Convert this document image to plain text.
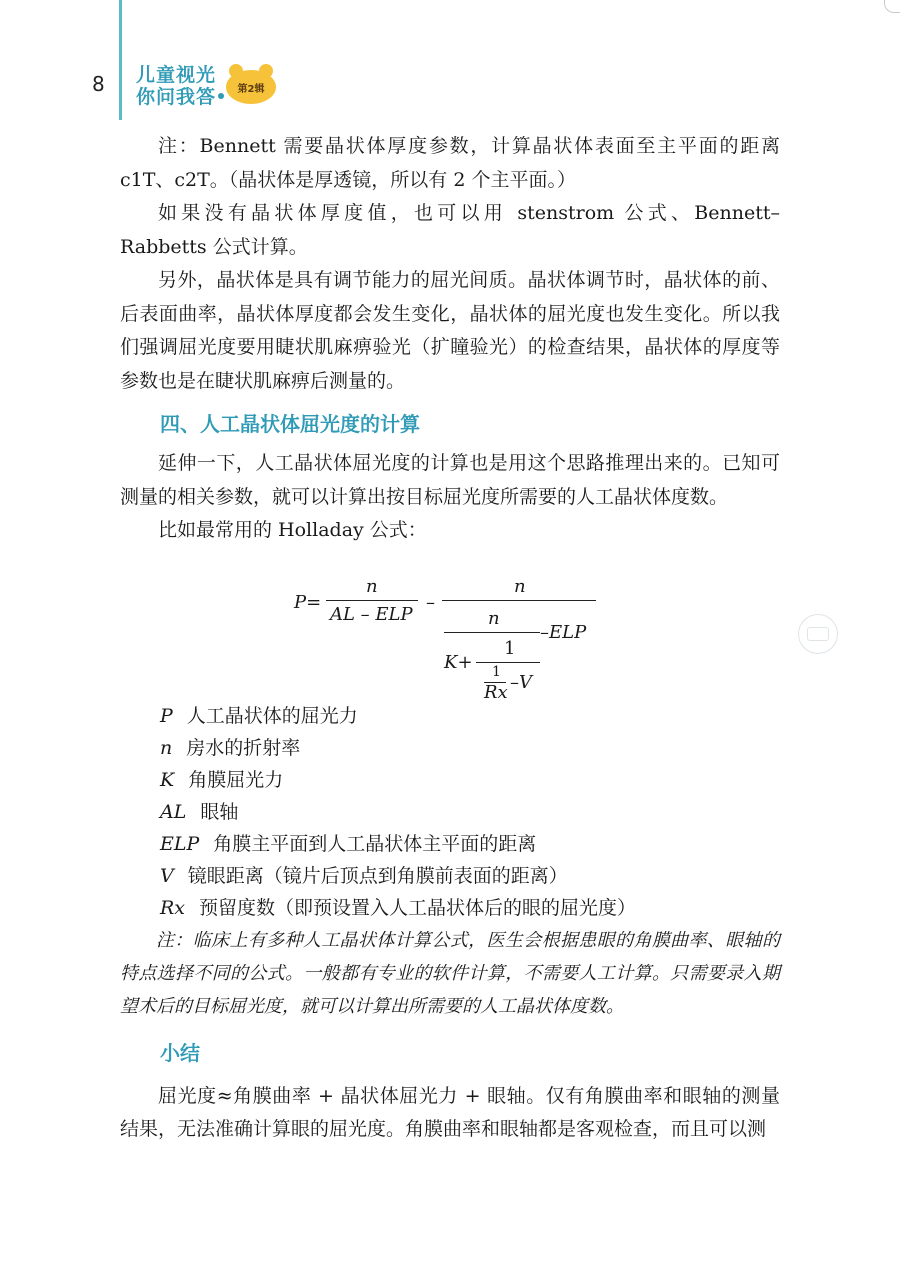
8 儿童视光
你问我答 第2辑

注：Bennett 需要晶状体厚度参数，计算晶状体表面至主平面的距离 c1T、c2T。（晶状体是厚透镜，所以有 2 个主平面。）

如果没有晶状体厚度值，也可以用 stenstrom 公式、Bennett–Rabbetts 公式计算。

另外，晶状体是具有调节能力的屈光间质。晶状体调节时，晶状体的前、后表面曲率，晶状体厚度都会发生变化，晶状体的屈光度也发生变化。所以我们强调屈光度要用睫状肌麻痹验光（扩瞳验光）的检查结果，晶状体的厚度等参数也是在睫状肌麻痹后测量的。

四、人工晶状体屈光度的计算

延伸一下，人工晶状体屈光度的计算也是用这个思路推理出来的。已知可测量的相关参数，就可以计算出按目标屈光度所需要的人工晶状体度数。

比如最常用的 Holladay 公式：

P=
n
AL – ELP
–
n
n
–ELP
K+
1
1
Rx –V
P 人工晶状体的屈光力
n 房水的折射率
K 角膜屈光力
AL 眼轴
ELP 角膜主平面到人工晶状体主平面的距离
V 镜眼距离（镜片后顶点到角膜前表面的距离）
Rx 预留度数（即预设置入人工晶状体后的眼的屈光度）

注：临床上有多种人工晶状体计算公式，医生会根据患眼的角膜曲率、眼轴的特点选择不同的公式。一般都有专业的软件计算，不需要人工计算。只需要录入期望术后的目标屈光度，就可以计算出所需要的人工晶状体度数。

小结

屈光度≈角膜曲率 + 晶状体屈光力 + 眼轴。仅有角膜曲率和眼轴的测量结果，无法准确计算眼的屈光度。角膜曲率和眼轴都是客观检查，而且可以测
